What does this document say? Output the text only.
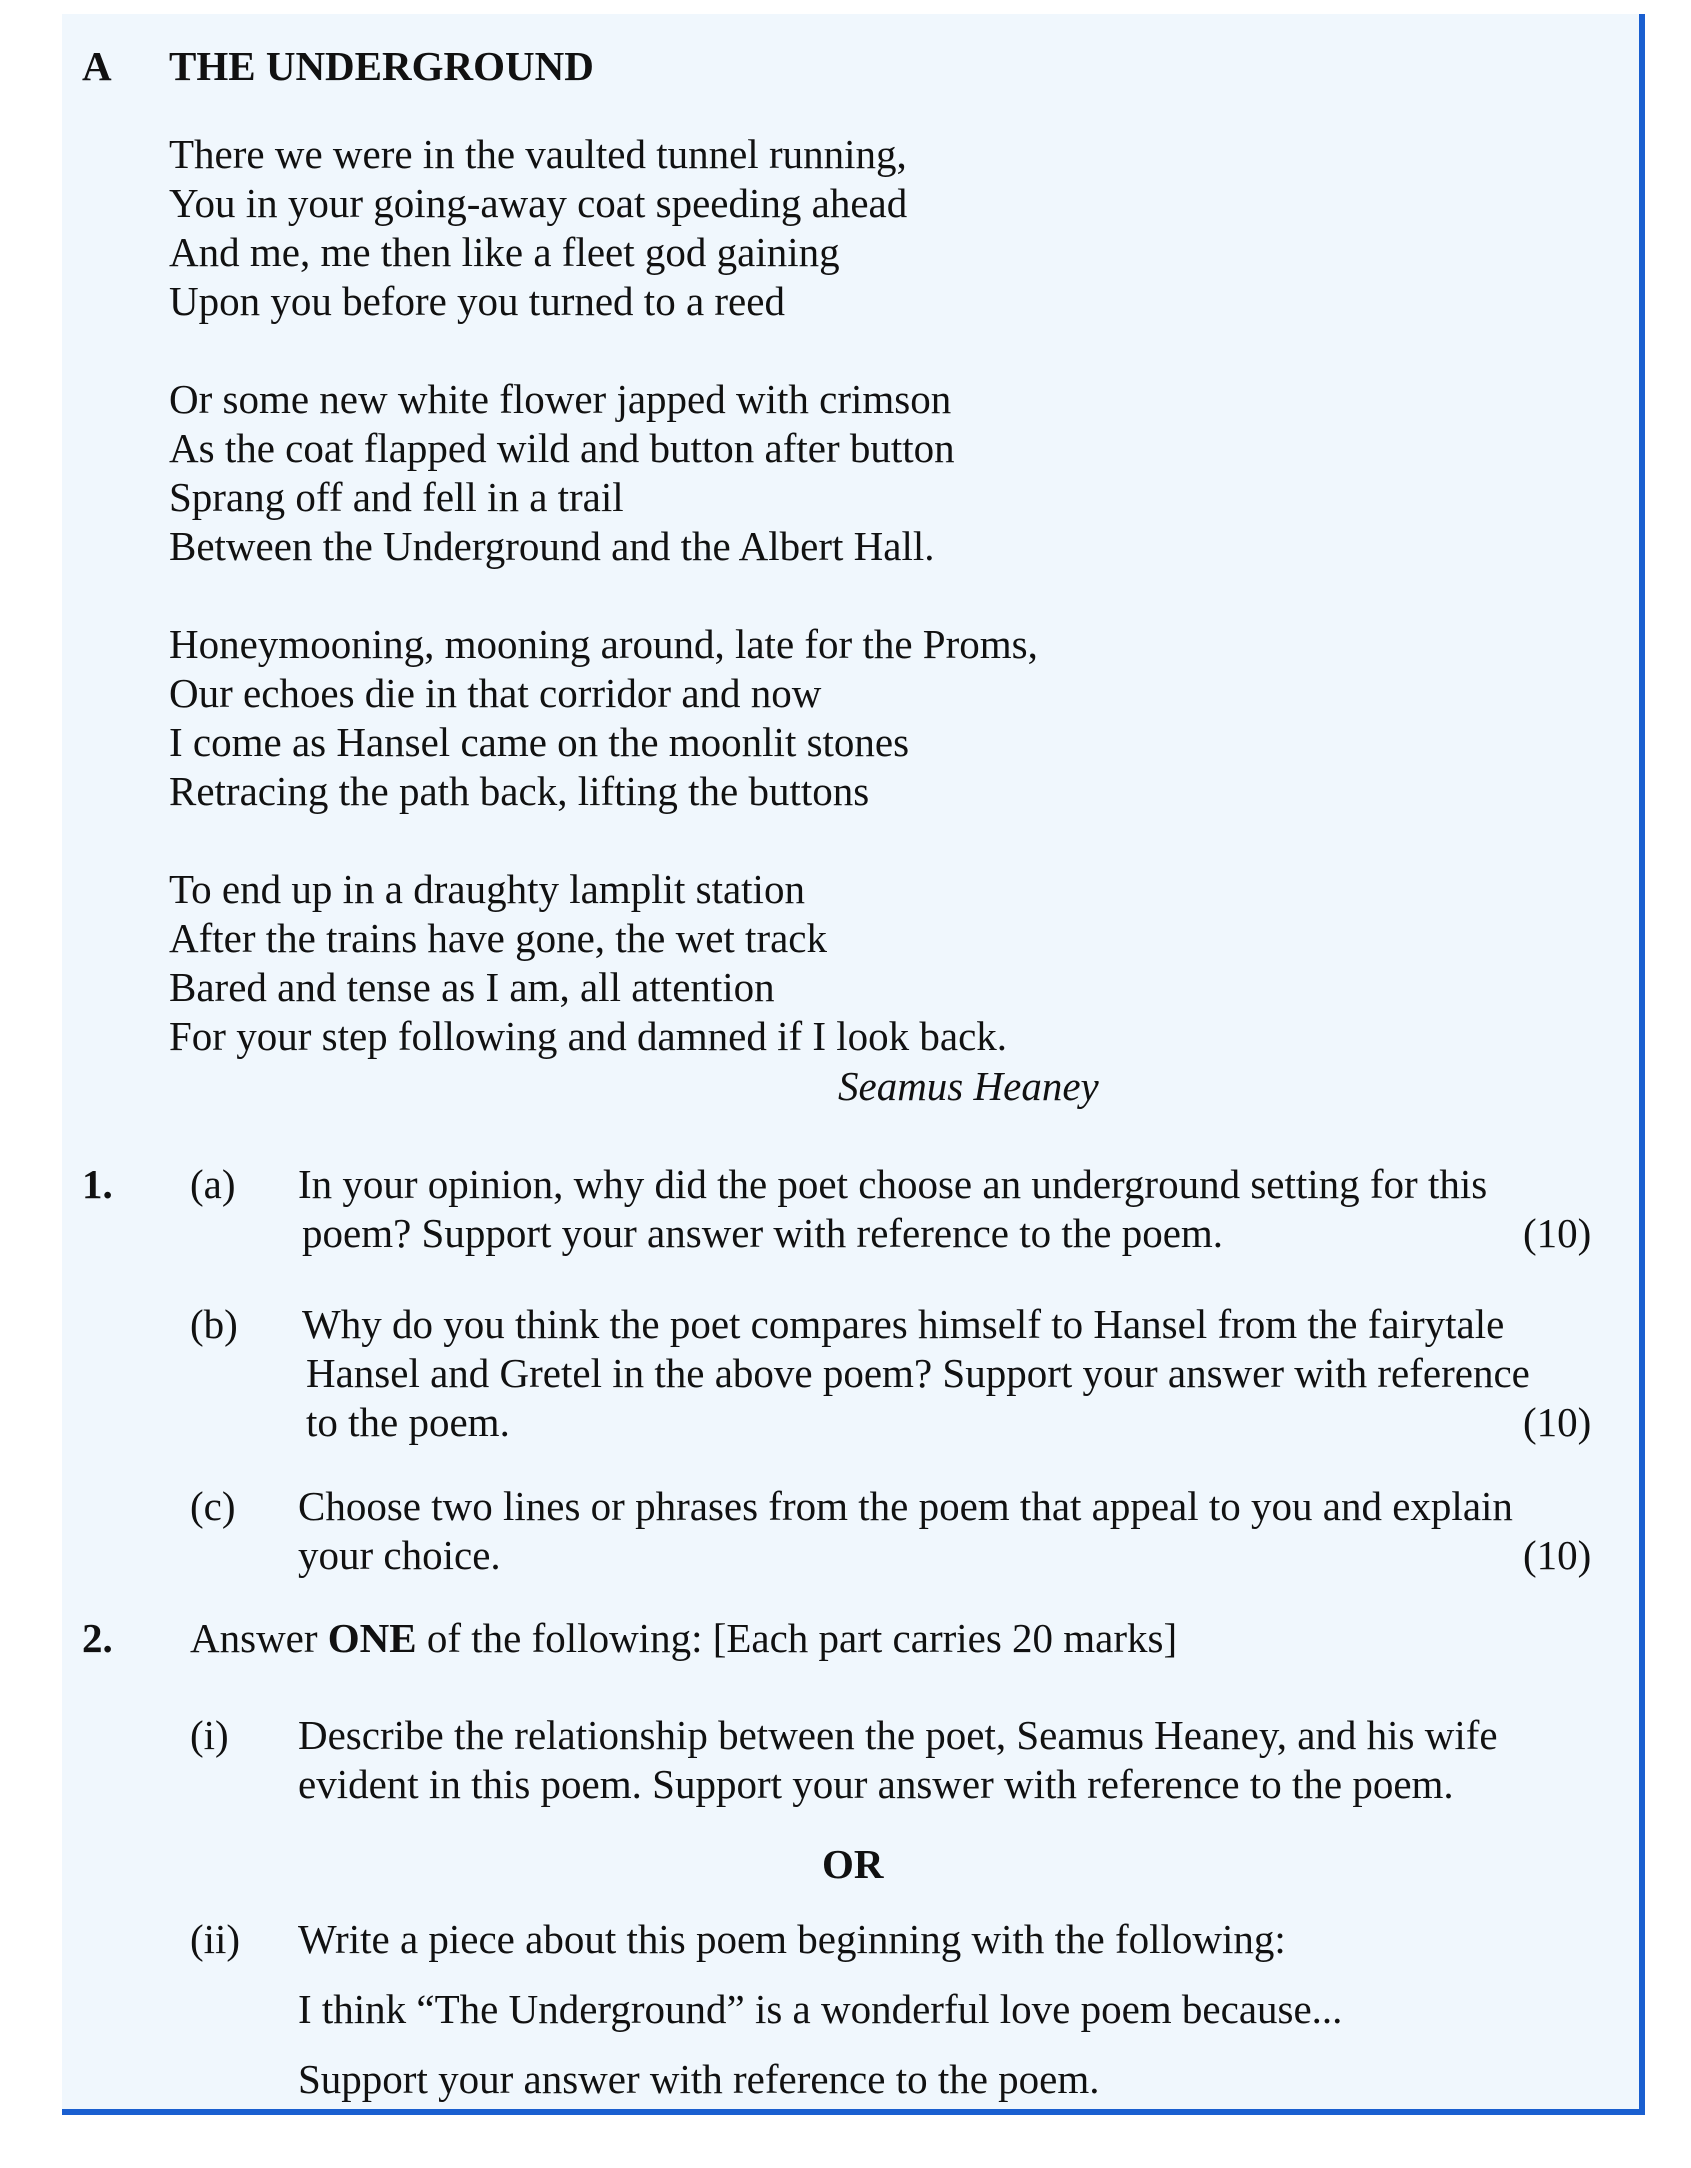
A THE UNDERGROUND
There we were in the vaulted tunnel running,
You in your going-away coat speeding ahead
And me, me then like a fleet god gaining
Upon you before you turned to a reed
Or some new white flower japped with crimson
As the coat flapped wild and button after button
Sprang off and fell in a trail
Between the Underground and the Albert Hall.
Honeymooning, mooning around, late for the Proms,
Our echoes die in that corridor and now
I come as Hansel came on the moonlit stones
Retracing the path back, lifting the buttons
To end up in a draughty lamplit station
After the trains have gone, the wet track
Bared and tense as I am, all attention
For your step following and damned if I look back.
Seamus Heaney
1. (a) In your opinion, why did the poet choose an underground setting for this
poem? Support your answer with reference to the poem.	(10)
(b) Why do you think the poet compares himself to Hansel from the fairytale
Hansel and Gretel in the above poem? Support your answer with reference
to the poem.	(10)
(c) Choose two lines or phrases from the poem that appeal to you and explain
your choice.	(10)
2. Answer ONE of the following: [Each part carries 20 marks]
(i) Describe the relationship between the poet, Seamus Heaney, and his wife
evident in this poem. Support your answer with reference to the poem.
OR
(ii) Write a piece about this poem beginning with the following:
I think “The Underground” is a wonderful love poem because...
Support your answer with reference to the poem.
